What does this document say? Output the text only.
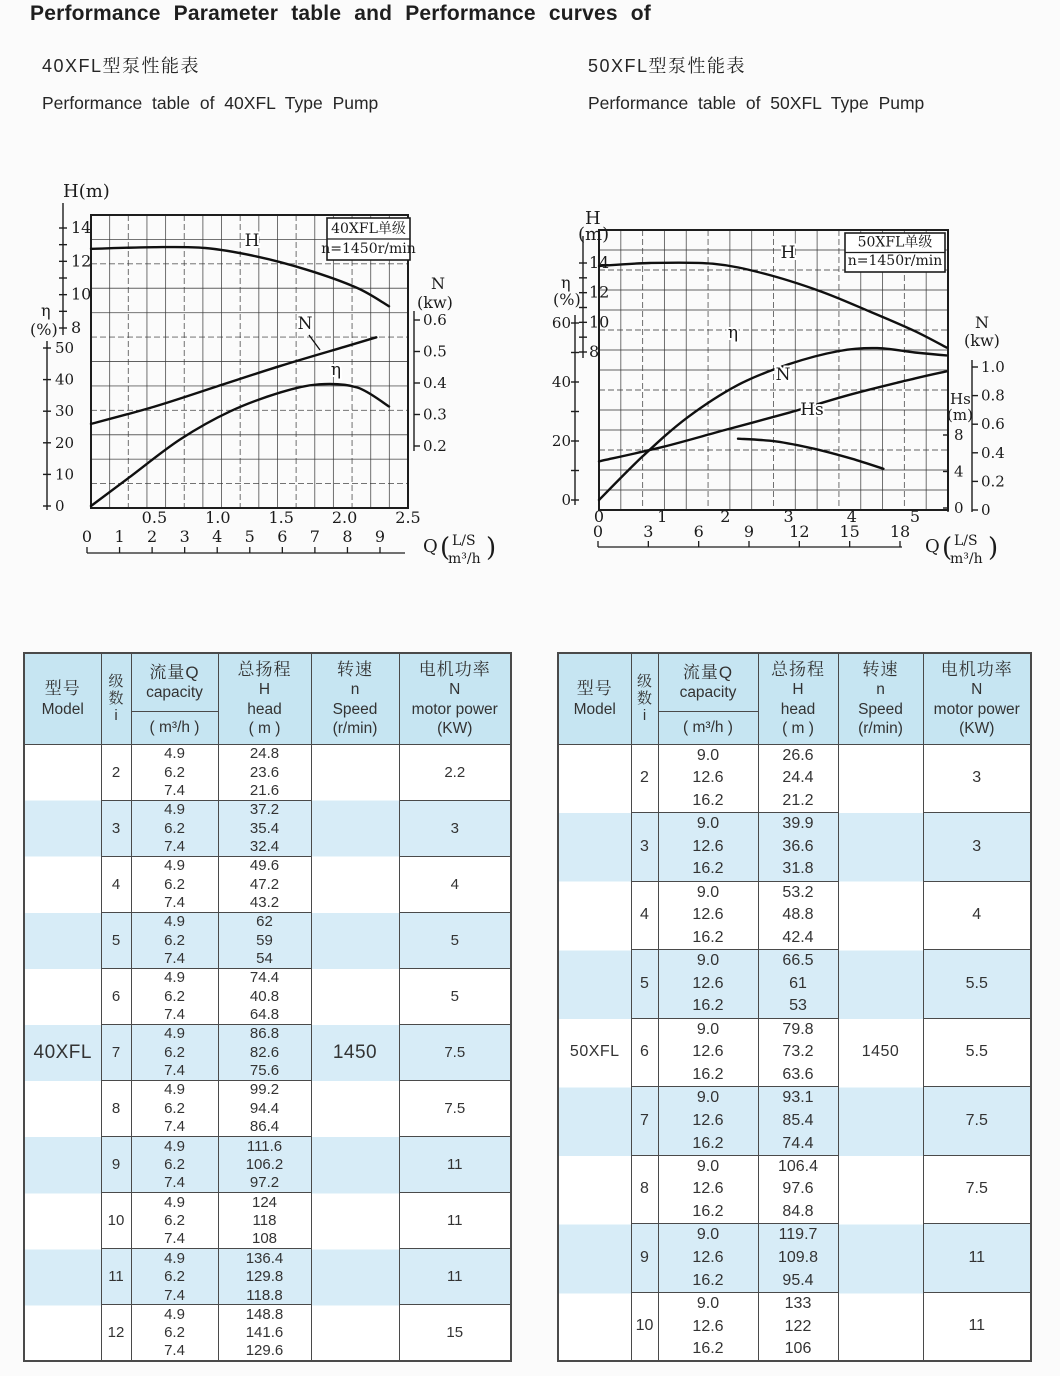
Performance Parameter table and Performance curves of
40XFL型泵性能表
Performance table of 40XFL Type Pump
50XFL型泵性能表
Performance table of 50XFL Type Pump
14
12
10
8
H(m)
50
40
30
20
10
0
η
(%)	0.6
0.5
0.4
0.3
0.2
N
(kw)
0.5 1.0 1.5 2.0 2.5
0 1 2 3 4 5 6 7 8 9 Q ( L/S
m³/h )
H
N
η
40XFL单级
n=1450r/min
14
12
10
8
H
(m)
60
40
20
0
η
(%)
1.0
0.8
0.6
0.4
0.2
0
N
(kw)
8
4
0
Hs
(m)
0	1	2	3	4	5
0	3	6	9 12 15 18
Q ( L/S
m³/h )
H
η
N
Hs
50XFL单级
n=1450r/min
型号
Model

级
数
i

流量Q
capacity

总扬程
H
head
( m )

转速
n
Speed
(r/min)

电机功率
N
motor power
(KW)

		( m³/h )			

40XFL	2	4.9	24.8	1450	2.2
		6.2	23.6		
		7.4	21.6		
	3	4.9	37.2		3
		6.2	35.4		
		7.4	32.4		
	4	4.9	49.6		4
		6.2	47.2		
		7.4	43.2		
	5	4.9	62		5
		6.2	59		
		7.4	54		
	6	4.9	74.4		5
		6.2	40.8		
		7.4	64.8		
	7	4.9	86.8		7.5
		6.2	82.6		
		7.4	75.6		
	8	4.9	99.2		7.5
		6.2	94.4		
		7.4	86.4		
	9	4.9	111.6		11
		6.2	106.2		
		7.4	97.2		
	10	4.9	124		11
		6.2	118		
		7.4	108		
	11	4.9	136.4		11
		6.2	129.8		
		7.4	118.8		
	12	4.9	148.8		15
		6.2	141.6		
		7.4	129.6		
型号
Model

级
数
i

流量Q
capacity

总扬程
H
head
( m )

转速
n
Speed
(r/min)

电机功率
N
motor power
(KW)

		( m³/h )			

50XFL	2	9.0	26.6	1450	3
		12.6	24.4		
		16.2	21.2		
	3	9.0	39.9		3
		12.6	36.6		
		16.2	31.8		
	4	9.0	53.2		4
		12.6	48.8		
		16.2	42.4		
	5	9.0	66.5		5.5
		12.6	61		
		16.2	53		
	6	9.0	79.8		5.5
		12.6	73.2		
		16.2	63.6		
	7	9.0	93.1		7.5
		12.6	85.4		
		16.2	74.4		
	8	9.0	106.4		7.5
		12.6	97.6		
		16.2	84.8		
	9	9.0	119.7		11
		12.6	109.8		
		16.2	95.4		
	10	9.0	133		11
		12.6	122		
		16.2	106		
